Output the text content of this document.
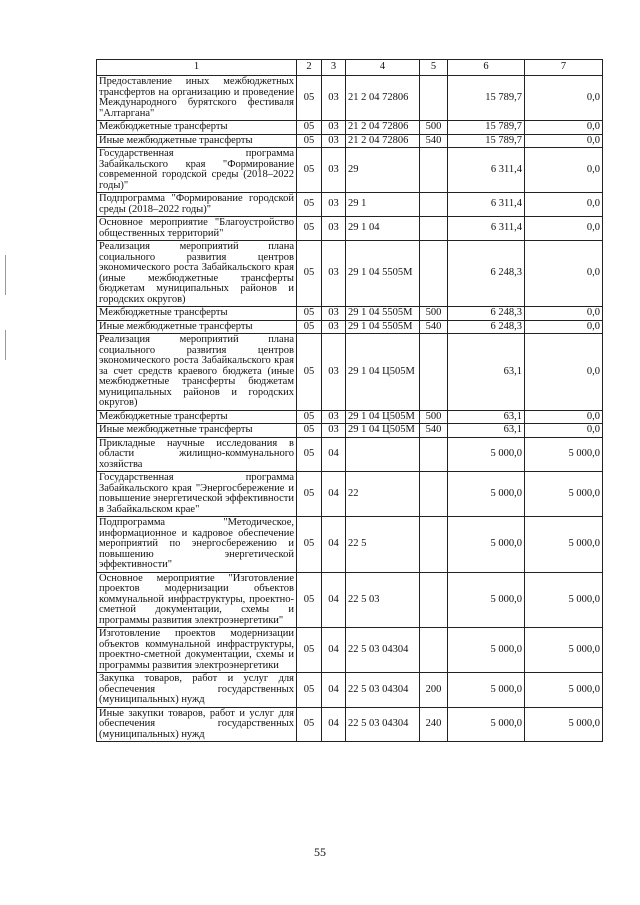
1	2	3	4	5	6	7
Предоставление иных межбюджетных трансфертов на организацию и проведение Международного бурятского фестиваля "Алтаргана"	05	03	21 2 04 72806		15 789,7	0,0
Межбюджетные трансферты	05	03	21 2 04 72806	500	15 789,7	0,0
Иные межбюджетные трансферты	05	03	21 2 04 72806	540	15 789,7	0,0
Государственная программа Забайкальского края "Формирование современной городской среды (2018–2022 годы)"	05	03	29		6 311,4	0,0
Подпрограмма "Формирование городской среды (2018–2022 годы)"	05	03	29 1		6 311,4	0,0
Основное мероприятие "Благоустройство общественных территорий"	05	03	29 1 04		6 311,4	0,0
Реализация мероприятий плана социального развития центров экономического роста Забайкальского края (иные межбюджетные трансферты бюджетам муниципальных районов и городских округов)	05	03	29 1 04 5505M		6 248,3	0,0
Межбюджетные трансферты	05	03	29 1 04 5505M	500	6 248,3	0,0
Иные межбюджетные трансферты	05	03	29 1 04 5505M	540	6 248,3	0,0
Реализация мероприятий плана социального развития центров экономического роста Забайкальского края за счет средств краевого бюджета (иные межбюджетные трансферты бюджетам муниципальных районов и городских округов)	05	03	29 1 04 Ц505M		63,1	0,0
Межбюджетные трансферты	05	03	29 1 04 Ц505M	500	63,1	0,0
Иные межбюджетные трансферты	05	03	29 1 04 Ц505M	540	63,1	0,0
Прикладные научные исследования в области жилищно-коммунального хозяйства	05	04			5 000,0	5 000,0
Государственная программа Забайкальского края "Энергосбережение и повышение энергетической эффективности в Забайкальском крае"	05	04	22		5 000,0	5 000,0
Подпрограмма "Методическое, информационное и кадровое обеспечение мероприятий по энергосбережению и повышению энергетической эффективности"	05	04	22 5		5 000,0	5 000,0
Основное мероприятие "Изготовление проектов модернизации объектов коммунальной инфраструктуры, проектно-сметной документации, схемы и программы развития электроэнергетики"	05	04	22 5 03		5 000,0	5 000,0
Изготовление проектов модернизации объектов коммунальной инфраструктуры, проектно-сметной документации, схемы и программы развития электроэнергетики	05	04	22 5 03 04304		5 000,0	5 000,0
Закупка товаров, работ и услуг для обеспечения государственных (муниципальных) нужд	05	04	22 5 03 04304	200	5 000,0	5 000,0
Иные закупки товаров, работ и услуг для обеспечения государственных (муниципальных) нужд	05	04	22 5 03 04304	240	5 000,0	5 000,0
55
